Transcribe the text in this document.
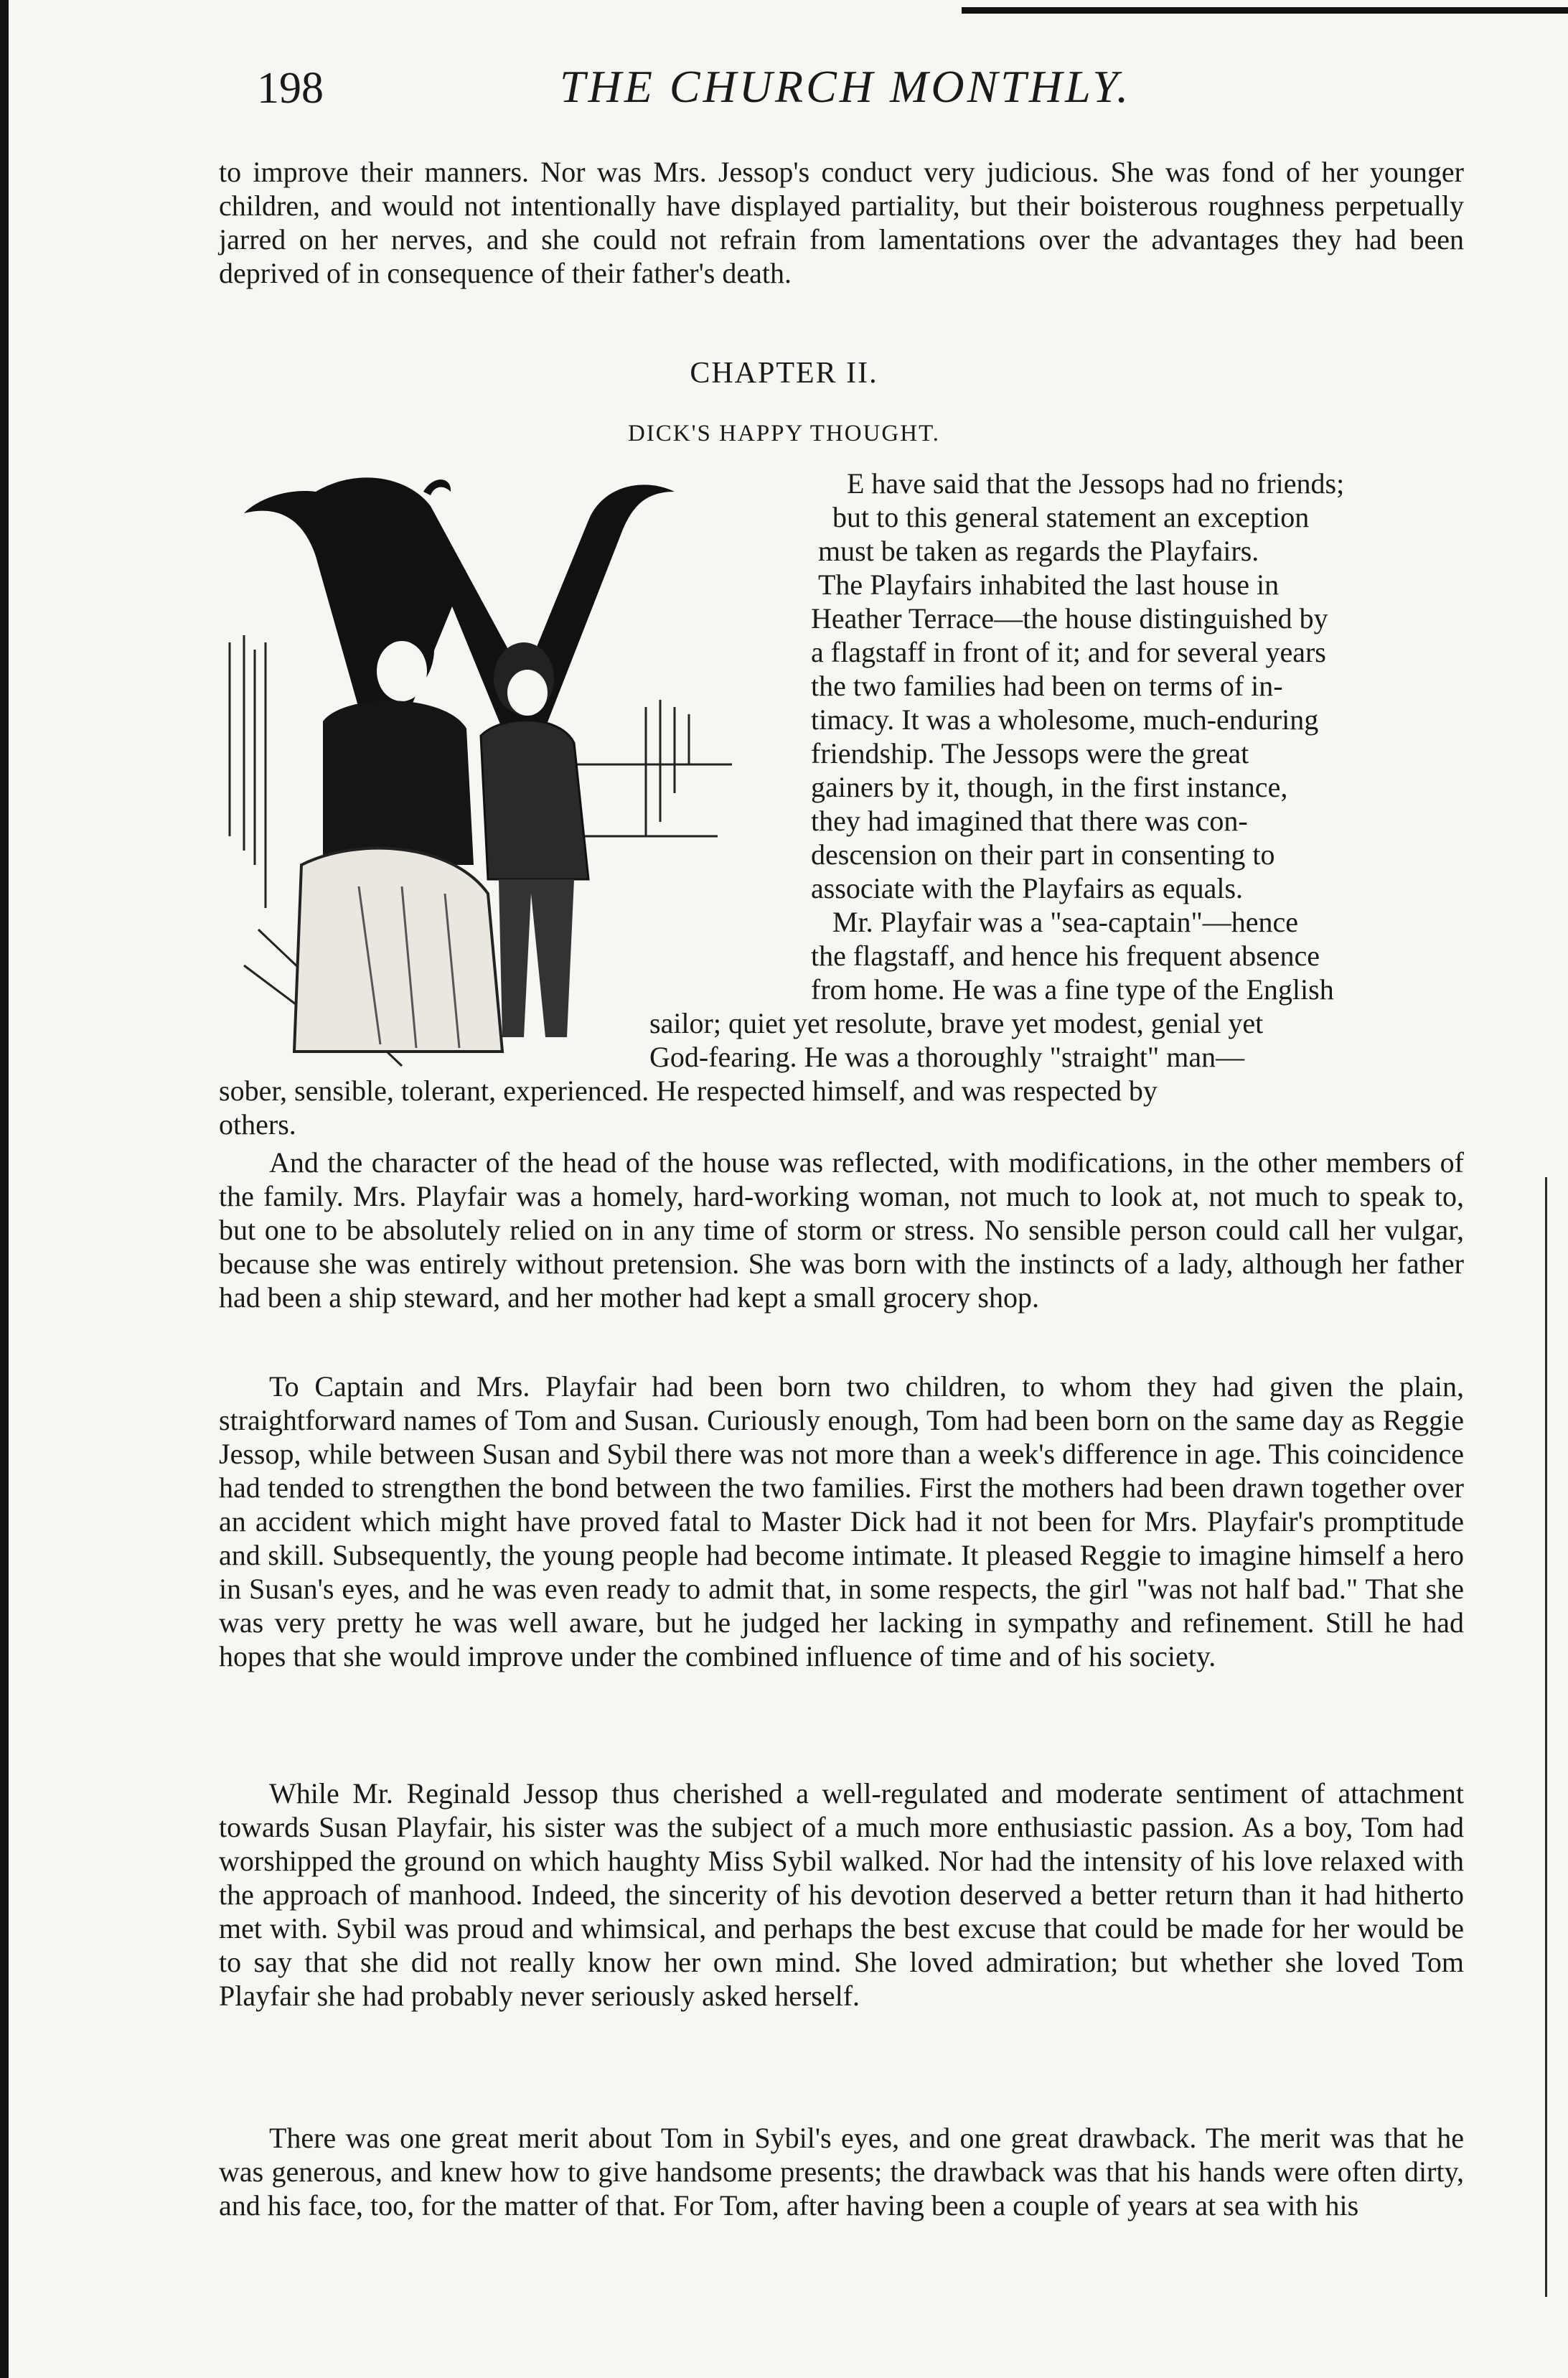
198	THE CHURCH MONTHLY.

to improve their manners. Nor was Mrs. Jessop's conduct very judicious. She was fond of her younger children, and would not intentionally have displayed partiality, but their boisterous roughness perpetually jarred on her nerves, and she could not refrain from lamentations over the advantages they had been deprived of in consequence of their father's death.

CHAPTER II.
DICK'S HAPPY THOUGHT.
E have said that the Jessops had no friends;
but to this general statement an exception
must be taken as regards the Playfairs.
The Playfairs inhabited the last house in
Heather Terrace—the house distinguished by
a flagstaff in front of it; and for several years
the two families had been on terms of in-
timacy. It was a wholesome, much-enduring
friendship. The Jessops were the great
gainers by it, though, in the first instance,
they had imagined that there was con-
descension on their part in consenting to
associate with the Playfairs as equals.
Mr. Playfair was a "sea-captain"—hence
the flagstaff, and hence his frequent absence
from home. He was a fine type of the English
sailor; quiet yet resolute, brave yet modest, genial yet
God-fearing. He was a thoroughly "straight" man—
sober, sensible, tolerant, experienced. He respected himself, and was respected by
others.

And the character of the head of the house was reflected, with modifications, in the other members of the family. Mrs. Playfair was a homely, hard-working woman, not much to look at, not much to speak to, but one to be absolutely relied on in any time of storm or stress. No sensible person could call her vulgar, because she was entirely without pretension. She was born with the instincts of a lady, although her father had been a ship steward, and her mother had kept a small grocery shop.

To Captain and Mrs. Playfair had been born two children, to whom they had given the plain, straightforward names of Tom and Susan. Curiously enough, Tom had been born on the same day as Reggie Jessop, while between Susan and Sybil there was not more than a week's difference in age. This coincidence had tended to strengthen the bond between the two families. First the mothers had been drawn together over an accident which might have proved fatal to Master Dick had it not been for Mrs. Playfair's promptitude and skill. Subsequently, the young people had become intimate. It pleased Reggie to imagine himself a hero in Susan's eyes, and he was even ready to admit that, in some respects, the girl "was not half bad." That she was very pretty he was well aware, but he judged her lacking in sympathy and refinement. Still he had hopes that she would improve under the combined influence of time and of his society.

While Mr. Reginald Jessop thus cherished a well-regulated and moderate sentiment of attachment towards Susan Playfair, his sister was the subject of a much more enthusiastic passion. As a boy, Tom had worshipped the ground on which haughty Miss Sybil walked. Nor had the intensity of his love relaxed with the approach of manhood. Indeed, the sincerity of his devotion deserved a better return than it had hitherto met with. Sybil was proud and whimsical, and perhaps the best excuse that could be made for her would be to say that she did not really know her own mind. She loved admiration; but whether she loved Tom Playfair she had probably never seriously asked herself.

There was one great merit about Tom in Sybil's eyes, and one great drawback. The merit was that he was generous, and knew how to give handsome presents; the drawback was that his hands were often dirty, and his face, too, for the matter of that. For Tom, after having been a couple of years at sea with his
